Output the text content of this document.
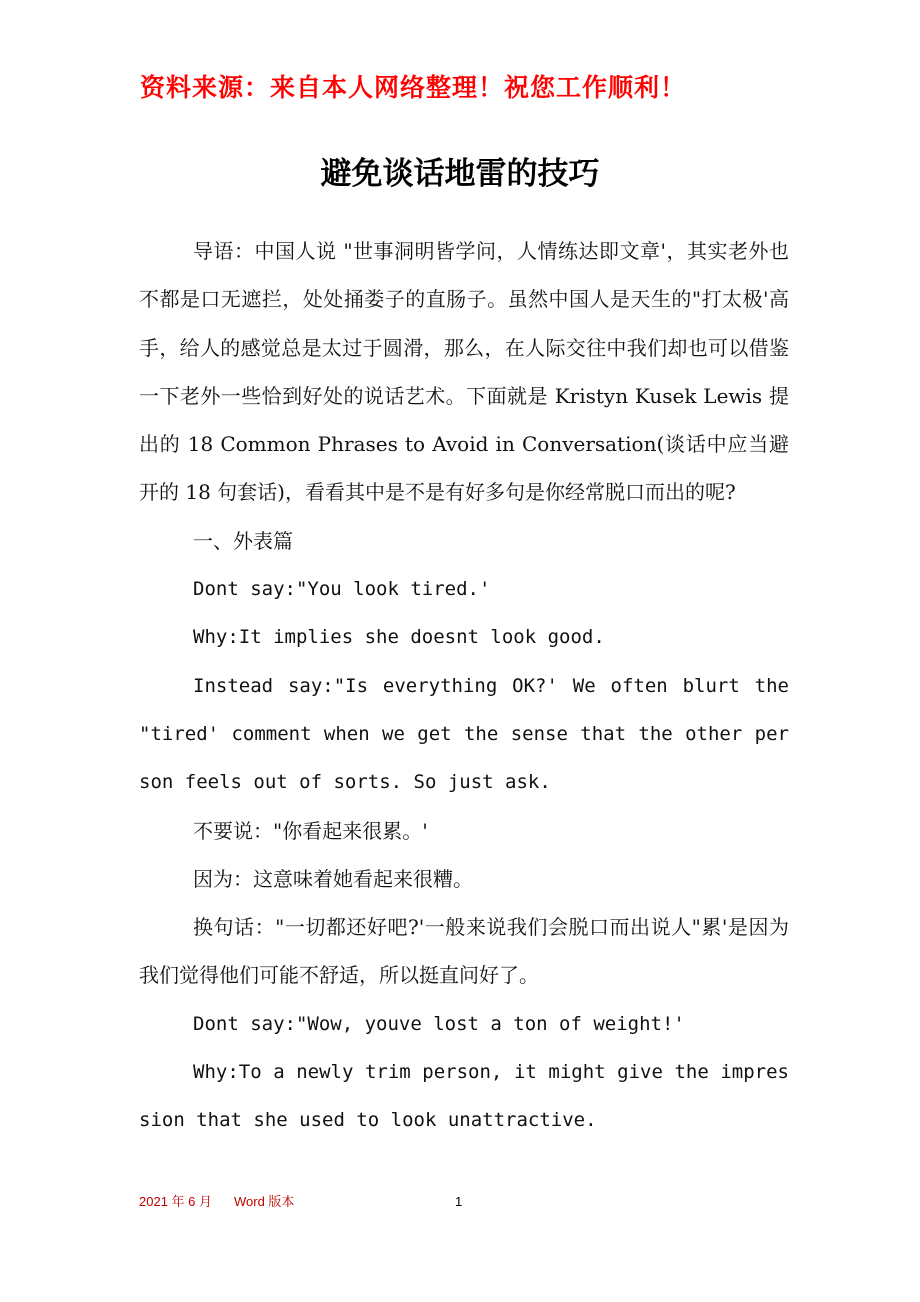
资料来源：来自本人网络整理！祝您工作顺利！
避免谈话地雷的技巧

导语：中国人说 "世事洞明皆学问，人情练达即文章'，其实老外也不都是口无遮拦，处处捅娄子的直肠子。虽然中国人是天生的"打太极'高手，给人的感觉总是太过于圆滑，那么，在人际交往中我们却也可以借鉴一下老外一些恰到好处的说话艺术。下面就是 Kristyn Kusek Lewis 提出的 18 Common Phrases to Avoid in Conversation(谈话中应当避开的 18 句套话)，看看其中是不是有好多句是你经常脱口而出的呢?

一、外表篇

Dont say:"You look tired.'

Why:It implies she doesnt look good.

Instead say:"Is everything OK?' We often blurt the "tired' comment when we get the sense that the other person feels out of sorts. So just ask.

不要说："你看起来很累。'

因为：这意味着她看起来很糟。

换句话："一切都还好吧?'一般来说我们会脱口而出说人"累'是因为我们觉得他们可能不舒适，所以挺直问好了。

Dont say:"Wow, youve lost a ton of weight!'

Why:To a newly trim person, it might give the impression that she used to look unattractive.

2021 年 6 月 Word 版本	1
